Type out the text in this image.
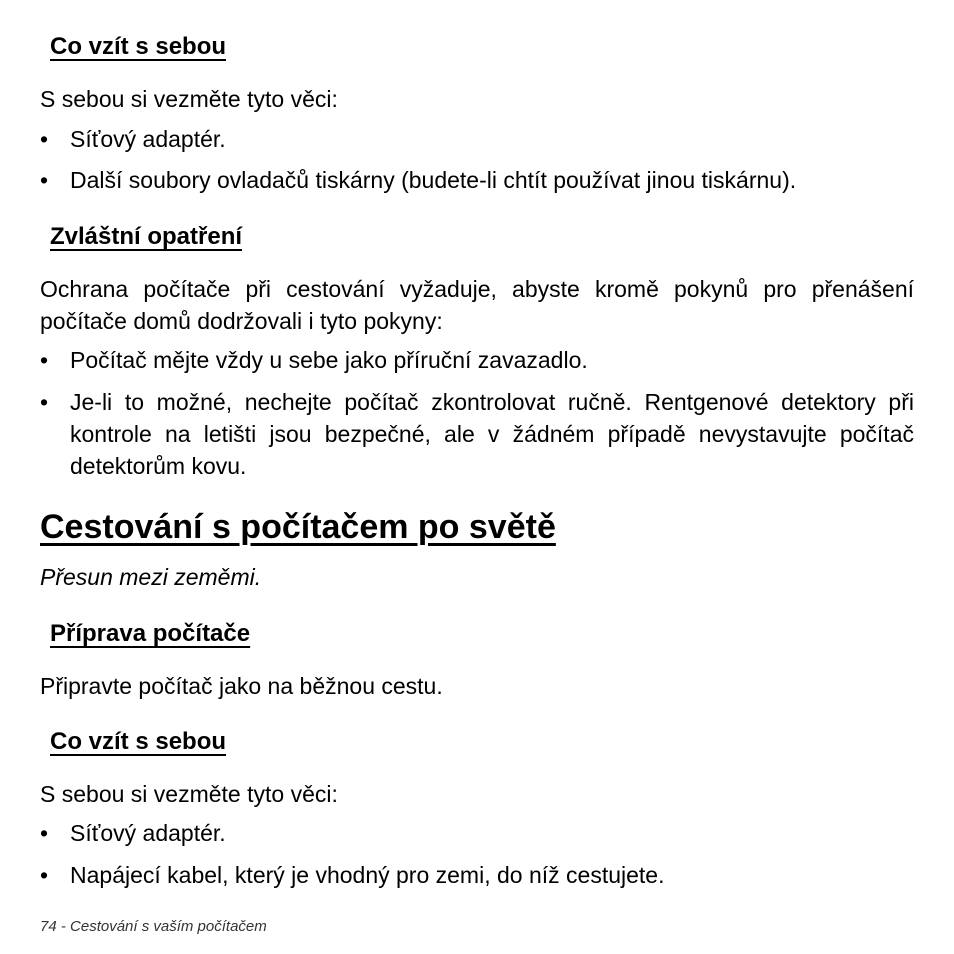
Co vzít s sebou
S sebou si vezměte tyto věci:
• Síťový adaptér.
• Další soubory ovladačů tiskárny (budete-li chtít používat jinou tiskárnu).
Zvláštní opatření
Ochrana počítače při cestování vyžaduje, abyste kromě pokynů pro přenášení počítače domů dodržovali i tyto pokyny:
• Počítač mějte vždy u sebe jako příruční zavazadlo.
• Je-li to možné, nechejte počítač zkontrolovat ručně. Rentgenové detektory při kontrole na letišti jsou bezpečné, ale v žádném případě nevystavujte počítač detektorům kovu.
Cestování s počítačem po světě
Přesun mezi zeměmi.
Příprava počítače
Připravte počítač jako na běžnou cestu.
Co vzít s sebou
S sebou si vezměte tyto věci:
• Síťový adaptér.
• Napájecí kabel, který je vhodný pro zemi, do níž cestujete.
74 - Cestování s vaším počítačem
